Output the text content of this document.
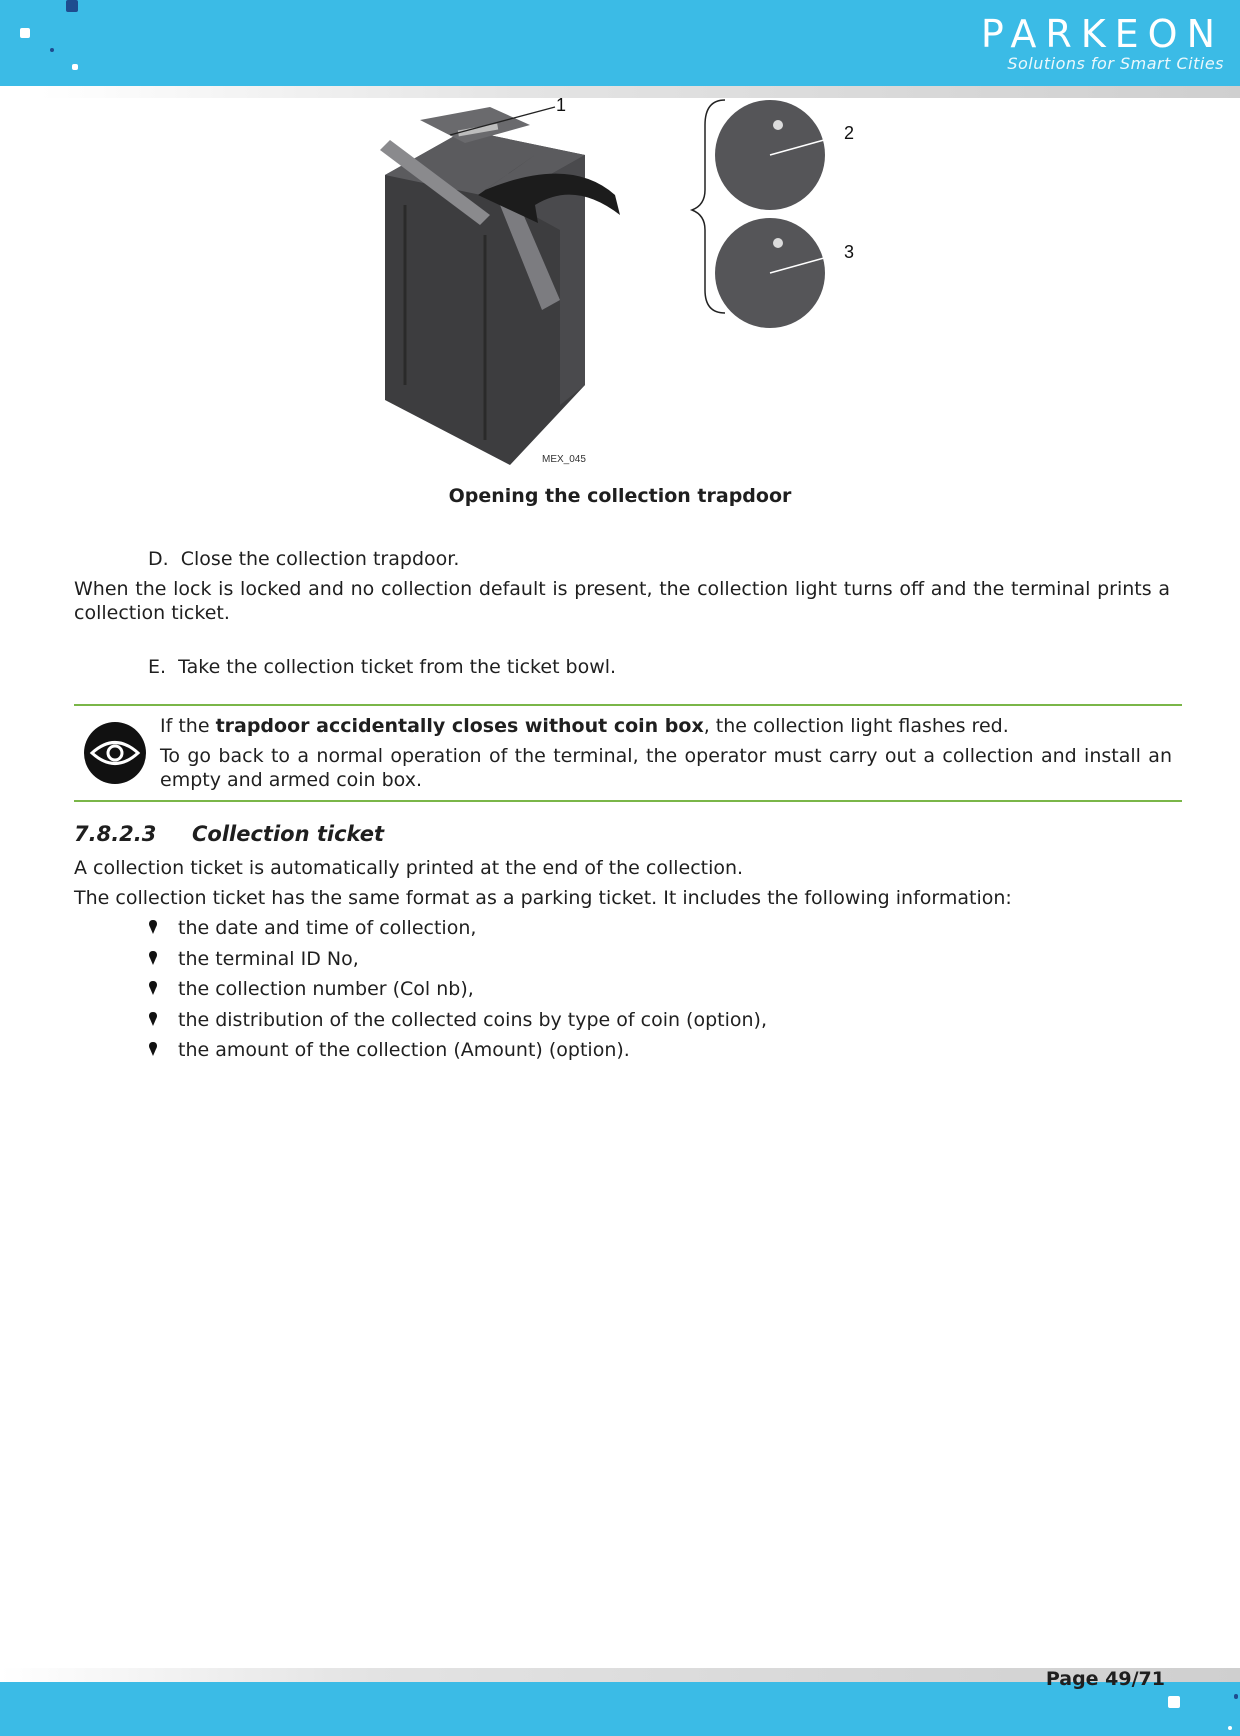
PARKEON
Solutions for Smart Cities
1
2
3
MEX_045
Opening the collection trapdoor
D. Close the collection trapdoor.
When the lock is locked and no collection default is present, the collection light turns off and the terminal prints a collection ticket.
E. Take the collection ticket from the ticket bowl.
If the trapdoor accidentally closes without coin box, the collection light flashes red.
To go back to a normal operation of the terminal, the operator must carry out a collection and install an empty and armed coin box.
7.8.2.3 Collection ticket
A collection ticket is automatically printed at the end of the collection.
The collection ticket has the same format as a parking ticket. It includes the following information:
the date and time of collection,
the terminal ID No,
the collection number (Col nb),
the distribution of the collected coins by type of coin (option),
the amount of the collection (Amount) (option).
Page 49/71
